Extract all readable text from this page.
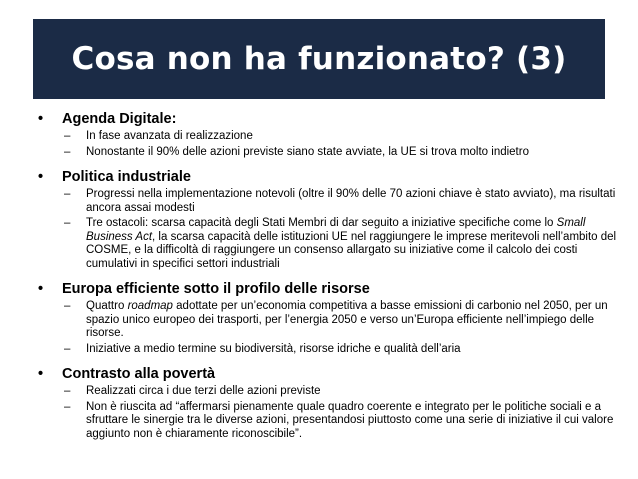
Cosa non ha funzionato? (3)
•	Agenda Digitale:
–	In fase avanzata di realizzazione
–	Nonostante il 90% delle azioni previste siano state avviate, la UE si trova molto indietro
•	Politica industriale
–	Progressi nella implementazione notevoli (oltre il 90% delle 70 azioni chiave è stato avviato), ma risultati ancora assai modesti
–	Tre ostacoli: scarsa capacità degli Stati Membri di dar seguito a iniziative specifiche come lo Small Business Act, la scarsa capacità delle istituzioni UE nel raggiungere le imprese meritevoli nell’ambito del COSME, e la difficoltà di raggiungere un consenso allargato su iniziative come il calcolo dei costi cumulativi in specifici settori industriali
•	Europa efficiente sotto il profilo delle risorse
–	Quattro roadmap adottate per un’economia competitiva a basse emissioni di carbonio nel 2050, per un spazio unico europeo dei trasporti, per l’energia 2050 e verso un’Europa efficiente nell’impiego delle risorse.
–	Iniziative a medio termine su biodiversità, risorse idriche e qualità dell’aria
•	Contrasto alla povertà
–	Realizzati circa i due terzi delle azioni previste
–	Non è riuscita ad “affermarsi pienamente quale quadro coerente e integrato per le politiche sociali e a sfruttare le sinergie tra le diverse azioni, presentandosi piuttosto come una serie di iniziative il cui valore aggiunto non è chiaramente riconoscibile”.
